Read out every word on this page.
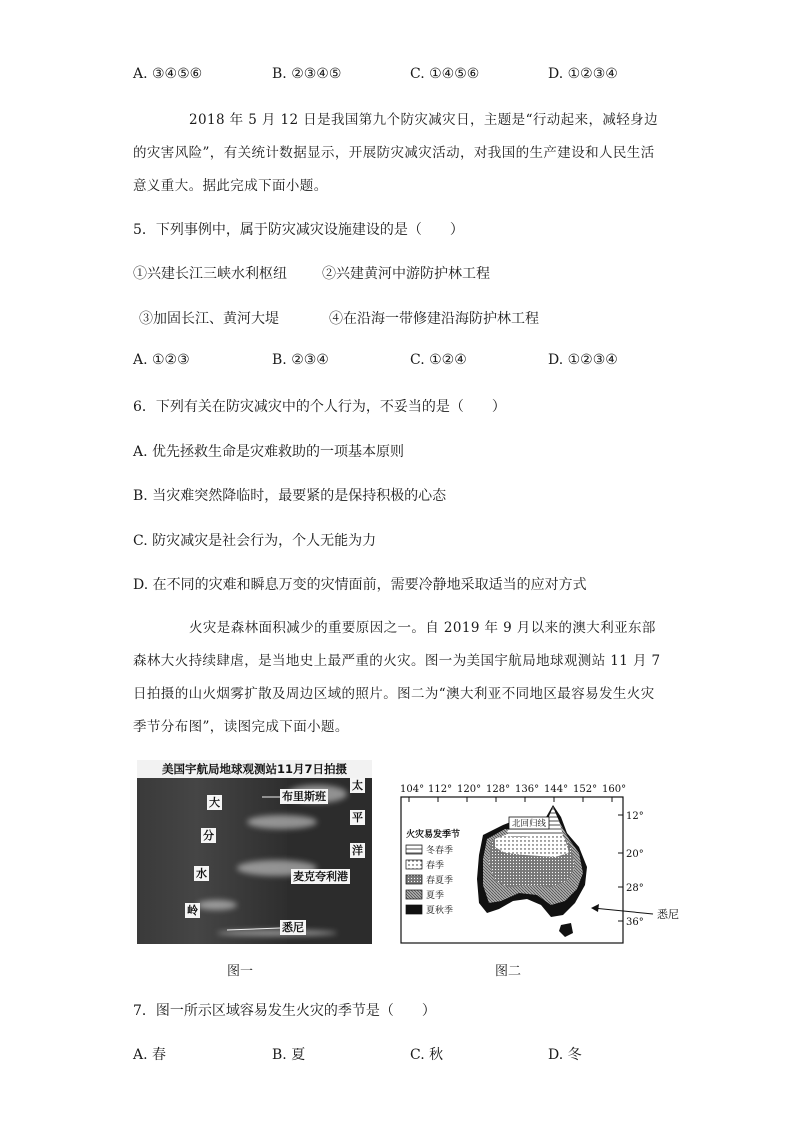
A. ③④⑤⑥	B. ②③④⑤	C. ①④⑤⑥	D. ①②③④
2018 年 5 月 12 日是我国第九个防灾减灾日，主题是“行动起来，减轻身边的灾害风险”，有关统计数据显示，开展防灾减灾活动，对我国的生产建设和人民生活意义重大。据此完成下面小题。
5．下列事例中，属于防灾减灾设施建设的是（　　）
①兴建长江三峡水利枢纽	②兴建黄河中游防护林工程
③加固长江、黄河大堤	④在沿海一带修建沿海防护林工程
A. ①②③	B. ②③④	C. ①②④	D. ①②③④
6．下列有关在防灾减灾中的个人行为，不妥当的是（　　）
A. 优先拯救生命是灾难救助的一项基本原则
B. 当灾难突然降临时，最要紧的是保持积极的心态
C. 防灾减灾是社会行为，个人无能为力
D. 在不同的灾难和瞬息万变的灾情面前，需要冷静地采取适当的应对方式
火灾是森林面积减少的重要原因之一。自 2019 年 9 月以来的澳大利亚东部森林大火持续肆虐，是当地史上最严重的火灾。图一为美国宇航局地球观测站 11 月 7 日拍摄的山火烟雾扩散及周边区域的照片。图二为“澳大利亚不同地区最容易发生火灾季节分布图”，读图完成下面小题。
美国宇航局地球观测站11月7日拍摄
大
分
水
岭
布里斯班
麦克夸利港
悉尼
太
平
洋
图一
104° 112° 120° 128° 136° 144° 152° 160°
12°
20°
28°
36°
北回归线
火灾易发季节
冬春季
春季
春夏季
夏季
夏秋季	悉尼
图二
7．图一所示区域容易发生火灾的季节是（　　）
A. 春	B. 夏	C. 秋	D. 冬
